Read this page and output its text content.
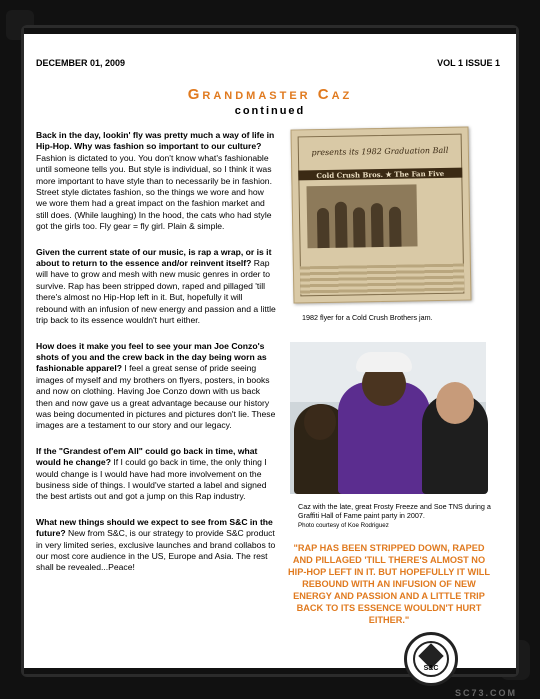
DECEMBER 01, 2009	VOL 1 ISSUE 1
Grandmaster Caz
continued

Back in the day, lookin' fly was pretty much a way of life in Hip-Hop. Why was fashion so important to our culture? Fashion is dictated to you. You don't know what's fashionable until someone tells you. But style is individual, so I think it was more important to have style than to necessarily be in fashion. Street style dictates fashion, so the things we wore and how we wore them had a great impact on the fashion market and still does. (While laughing) In the hood, the cats who had style got the girls too. Fly gear = fly girl. Plain & simple.

Given the current state of our music, is rap a wrap, or is it about to return to the essence and/or reinvent itself? Rap will have to grow and mesh with new music genres in order to survive. Rap has been stripped down, raped and pillaged 'till there's almost no Hip-Hop left in it. But, hopefully it will rebound with an infusion of new energy and passion and a little trip back to its essence wouldn't hurt either.

How does it make you feel to see your man Joe Conzo's shots of you and the crew back in the day being worn as fashionable apparel? I feel a great sense of pride seeing images of myself and my brothers on flyers, posters, in books and now on clothing. Having Joe Conzo down with us back then and now gave us a great advantage because our history was being documented in pictures and pictures don't lie. These images are a testament to our story and our legacy.

If the "Grandest of'em All" could go back in time, what would he change? If I could go back in time, the only thing I would change is I would have had more involvement on the business side of things. I would've started a label and signed the best artists out and got a jump on this Rap industry.

What new things should we expect to see from S&C in the future? New from S&C, is our strategy to provide S&C product in very limited series, exclusive launches and brand collabos to our most core audience in the US, Europe and Asia. The rest shall be revealed...Peace!

presents its 1982 Graduation Ball
Cold Crush Bros. ★ The Fan Five
1982 flyer for a Cold Crush Brothers jam.
Caz with the late, great Frosty Freeze and Soe TNS during a Graffiti Hall of Fame paint party in 2007.
Photo courtesy of Koe Rodriguez
"RAP HAS BEEN STRIPPED DOWN, RAPED AND PILLAGED 'TILL THERE'S ALMOST NO HIP-HOP LEFT IN IT. BUT HOPEFULLY IT WILL REBOUND WITH AN INFUSION OF NEW ENERGY AND PASSION AND A LITTLE TRIP BACK TO ITS ESSENCE WOULDN'T HURT EITHER."
S&C
SC73.COM
